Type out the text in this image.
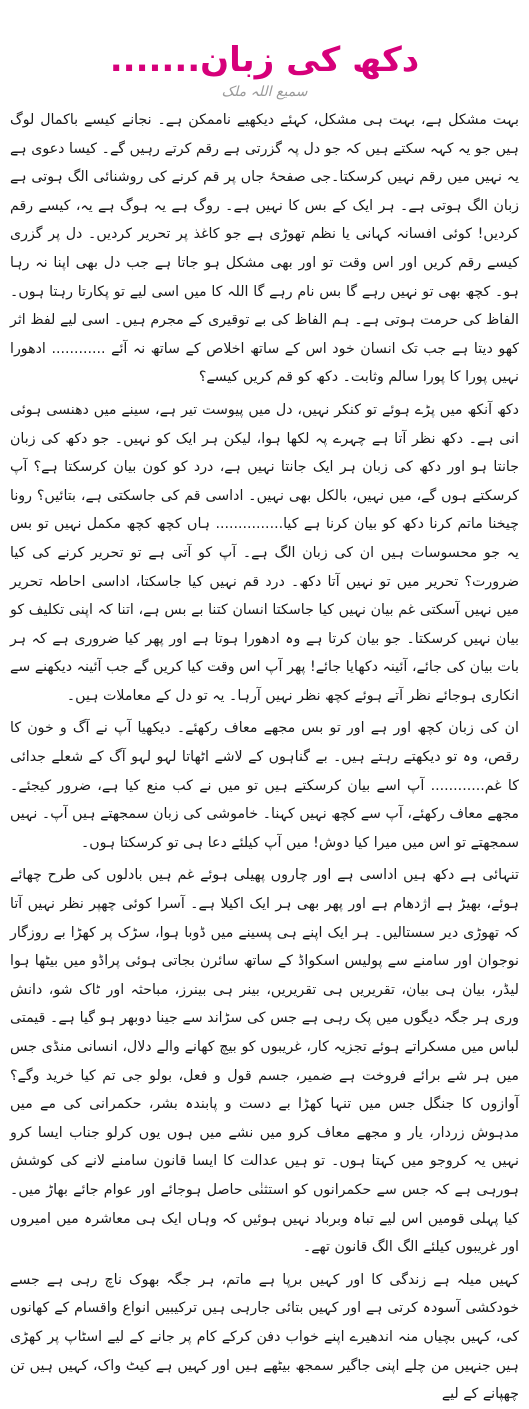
دکھ کی زبان.......
سمیع اللہ ملک

بہت مشکل ہے، بہت ہی مشکل، کہئے دیکھیے ناممکن ہے۔ نجانے کیسے باکمال لوگ ہیں جو یہ کہہ سکتے ہیں کہ جو دل پہ گزرتی ہے رقم کرتے رہیں گے۔ کیسا دعوی ہے یہ نہیں میں رقم نہیں کرسکتا۔جی صفحۂ جاں پر قم کرنے کی روشنائی الگ ہوتی ہے زبان الگ ہوتی ہے۔ ہر ایک کے بس کا نہیں ہے۔ روگ ہے یہ ہوگ ہے یہ، کیسے رقم کردیں! کوئی افسانہ کہانی یا نظم تھوڑی ہے جو کاغذ پر تحریر کردیں۔ دل پر گزری کیسے رقم کریں اور اس وقت تو اور بھی مشکل ہو جاتا ہے جب دل بھی اپنا نہ رہا ہو۔ کچھ بھی تو نہیں رہے گا بس نام رہے گا اللہ کا میں اسی لیے تو پکارتا رہتا ہوں۔ الفاظ کی حرمت ہوتی ہے۔ ہم الفاظ کی بے توقیری کے مجرم ہیں۔ اسی لیے لفظ اثر کھو دیتا ہے جب تک انسان خود اس کے ساتھ اخلاص کے ساتھ نہ آئے ............ ادھورا نہیں پورا کا پورا سالم وثابت۔ دکھ کو قم کریں کیسے؟

دکھ آنکھ میں پڑے ہوئے تو کنکر نہیں، دل میں پیوست تیر ہے، سینے میں دھنسی ہوئی انی ہے۔ دکھ نظر آتا ہے چہرے پہ لکھا ہوا، لیکن ہر ایک کو نہیں۔ جو دکھ کی زبان جانتا ہو اور دکھ کی زبان ہر ایک جانتا نہیں ہے، درد کو کون بیان کرسکتا ہے؟ آپ کرسکتے ہوں گے، میں نہیں، بالکل بھی نہیں۔ اداسی قم کی جاسکتی ہے، بتائیں؟ رونا چیخنا ماتم کرنا دکھ کو بیان کرنا ہے کیا............... ہاں کچھ کچھ مکمل نہیں تو بس یہ جو محسوسات ہیں ان کی زبان الگ ہے۔ آپ کو آتی ہے تو تحریر کرنے کی کیا ضرورت؟ تحریر میں تو نہیں آتا دکھ۔ درد قم نہیں کیا جاسکتا، اداسی احاطہ تحریر میں نہیں آسکتی غم بیان نہیں کیا جاسکتا انسان کتنا بے بس ہے، اتنا کہ اپنی تکلیف کو بیان نہیں کرسکتا۔ جو بیان کرتا ہے وہ ادھورا ہوتا ہے اور پھر کیا ضروری ہے کہ ہر بات بیان کی جائے، آئینہ دکھایا جائے! پھر آپ اس وقت کیا کریں گے جب آئینہ دیکھنے سے انکاری ہوجائے نظر آتے ہوئے کچھ نظر نہیں آرہا۔ یہ تو دل کے معاملات ہیں۔

ان کی زبان کچھ اور ہے اور تو بس مجھے معاف رکھئے۔ دیکھیا آپ نے آگ و خون کا رقص، وہ تو دیکھتے رہتے ہیں۔ بے گناہوں کے لاشے اٹھاتا لہو لہو آگ کے شعلے جدائی کا غم............ آپ اسے بیان کرسکتے ہیں تو میں نے کب منع کیا ہے، ضرور کیجئے۔ مجھے معاف رکھئے، آپ سے کچھ نہیں کہنا۔ خاموشی کی زبان سمجھتے ہیں آپ۔ نہیں سمجھتے تو اس میں میرا کیا دوش! میں آپ کیلئے دعا ہی تو کرسکتا ہوں۔

تنہائی ہے دکھ ہیں اداسی ہے اور چاروں پھیلی ہوئے غم ہیں بادلوں کی طرح چھائے ہوئے، بھیڑ ہے اژدھام ہے اور پھر بھی ہر ایک اکیلا ہے۔ آسرا کوئی چھپر نظر نہیں آتا کہ تھوڑی دیر سستالیں۔ ہر ایک اپنے ہی پسینے میں ڈوبا ہوا، سڑک پر کھڑا بے روزگار نوجوان اور سامنے سے پولیس اسکواڈ کے ساتھ سائرن بجاتی ہوئی پراڈو میں بیٹھا ہوا لیڈر، بیان ہی بیان، تقریریں ہی تقریریں، بینر ہی بینرز، مباحثہ اور ٹاک شو، دانش وری ہر جگہ دیگوں میں پک رہی ہے جس کی سڑاند سے جینا دوبھر ہو گیا ہے۔ قیمتی لباس میں مسکراتے ہوئے تجزیہ کار، غریبوں کو بیچ کھانے والے دلال، انسانی منڈی جس میں ہر شے برائے فروخت ہے ضمیر، جسم قول و فعل، بولو جی تم کیا خرید وگے؟ آوازوں کا جنگل جس میں تنہا کھڑا بے دست و پابندہ بشر، حکمرانی کی مے میں مدہوش زردار، یار و مجھے معاف کرو میں نشے میں ہوں یوں کرلو جناب ایسا کرو نہیں یہ کروجو میں کہتا ہوں۔ تو ہیں عدالت کا ایسا قانون سامنے لانے کی کوشش ہورہی ہے کہ جس سے حکمرانوں کو استثنٰی حاصل ہوجائے اور عوام جائے بھاڑ میں۔ کیا پہلی قومیں اس لیے تباہ وبرباد نہیں ہوئیں کہ وہاں ایک ہی معاشرہ میں امیروں اور غریبوں کیلئے الگ الگ قانون تھے۔

کہیں میلہ ہے زندگی کا اور کہیں برپا ہے ماتم، ہر جگہ بھوک ناچ رہی ہے جسے خودکشی آسودہ کرتی ہے اور کہیں بتائی جارہی ہیں ترکیبیں انواع واقسام کے کھانوں کی، کہیں بچیاں منہ اندھیرے اپنے خواب دفن کرکے کام پر جانے کے لیے اسٹاپ پر کھڑی ہیں جنہیں من چلے اپنی جاگیر سمجھ بیٹھے ہیں اور کہیں ہے کیٹ واک، کہیں ہیں تن چھپانے کے لیے
